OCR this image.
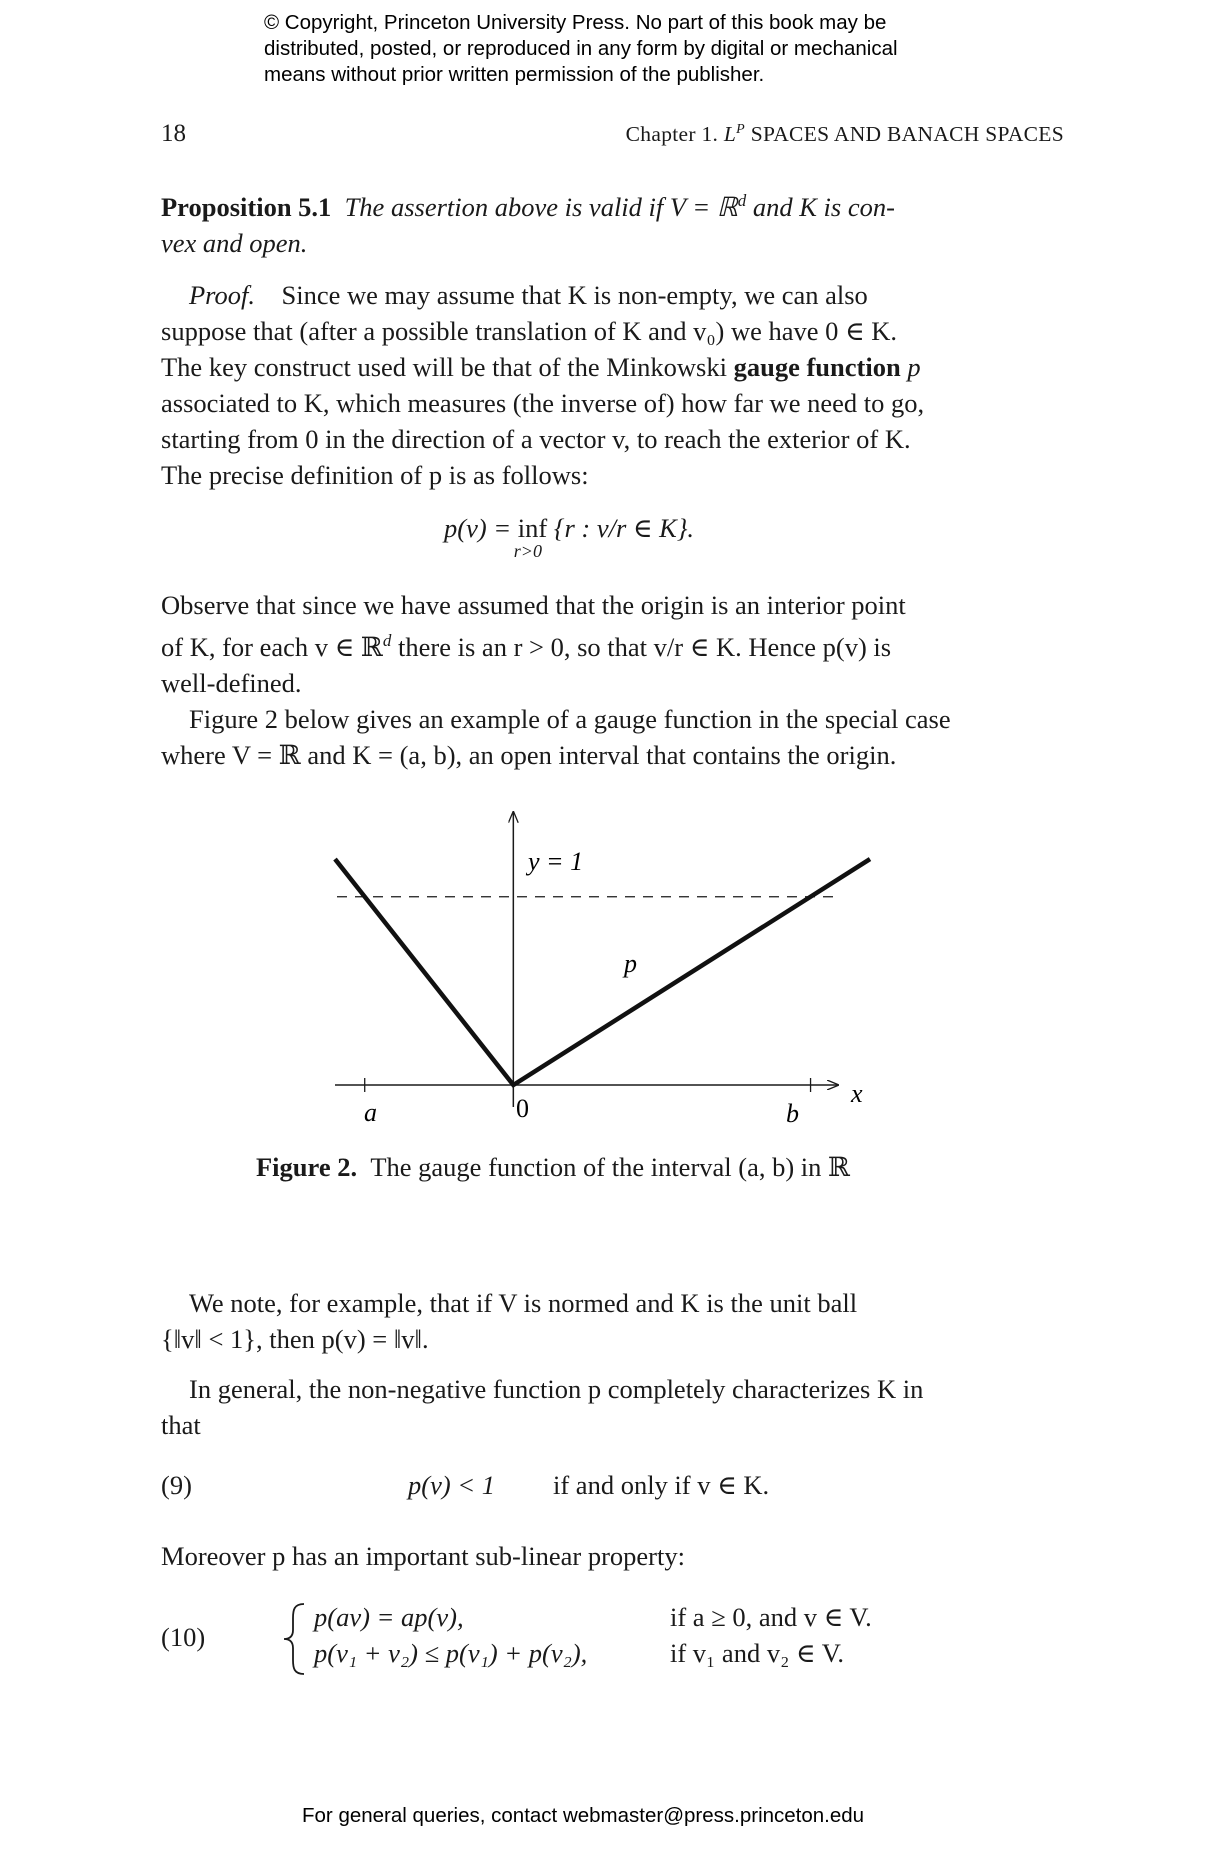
© Copyright, Princeton University Press. No part of this book may be
distributed, posted, or reproduced in any form by digital or mechanical
means without prior written permission of the publisher.
18	Chapter 1. $L^P$ SPACES AND BANACH SPACES

Proposition 5.1 The assertion above is valid if V = ℝ$^d$ and K is con-

vex and open.

Proof. Since we may assume that K is non-empty, we can also

suppose that (after a possible translation of K and v₀) we have 0 ∈ K.

The key construct used will be that of the Minkowski gauge function p

associated to K, which measures (the inverse of) how far we need to go,

starting from 0 in the direction of a vector v, to reach the exterior of K.

The precise definition of p is as follows:

p(v) = inf
r>0
{r : v/r ∈ K}.

Observe that since we have assumed that the origin is an interior point

of K, for each v ∈ ℝ$^d$ there is an r > 0, so that v/r ∈ K. Hence p(v) is

well-defined.

Figure 2 below gives an example of a gauge function in the special case

where V = ℝ and K = (a, b), an open interval that contains the origin.

y = 1
p
a	0	b
x
Figure 2. The gauge function of the interval (a, b) in ℝ

We note, for example, that if V is normed and K is the unit ball

{‖v‖ < 1}, then p(v) = ‖v‖.

In general, the non-negative function p completely characterizes K in

that

(9)	p(v) < 1 if and only if v ∈ K.

Moreover p has an important sub-linear property:

(10)
p(av) = ap(v),	if a ≥ 0, and v ∈ V.
p(v₁ + v₂) ≤ p(v₁) + p(v₂),	if v₁ and v₂ ∈ V.
For general queries, contact webmaster@press.princeton.edu
